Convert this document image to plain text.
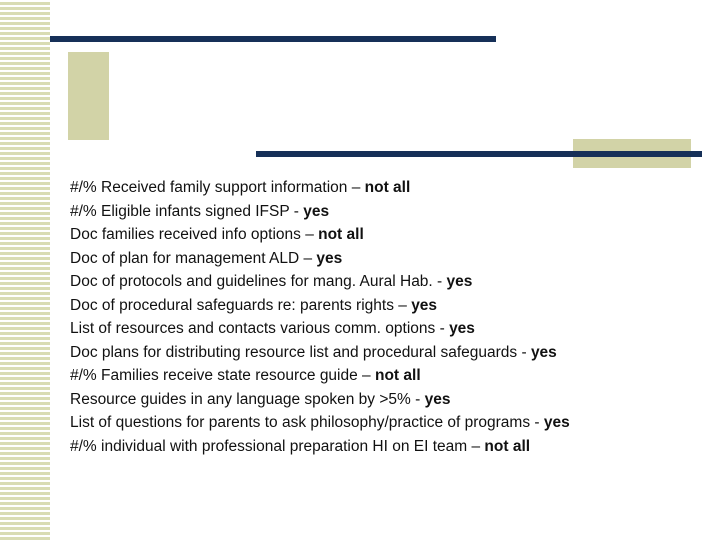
#/% Received family support information – not all
#/% Eligible infants signed IFSP - yes
Doc families received info options – not all
Doc of plan for management ALD – yes
Doc of protocols and guidelines for mang. Aural Hab. - yes
Doc of procedural safeguards re: parents rights – yes
List of resources and contacts various comm. options - yes
Doc plans for distributing resource list and procedural safeguards - yes
#/% Families receive state resource guide – not all
Resource guides in any language spoken by >5% - yes
List of questions for parents to ask philosophy/practice of programs - yes
#/% individual with professional preparation HI on EI team – not all
